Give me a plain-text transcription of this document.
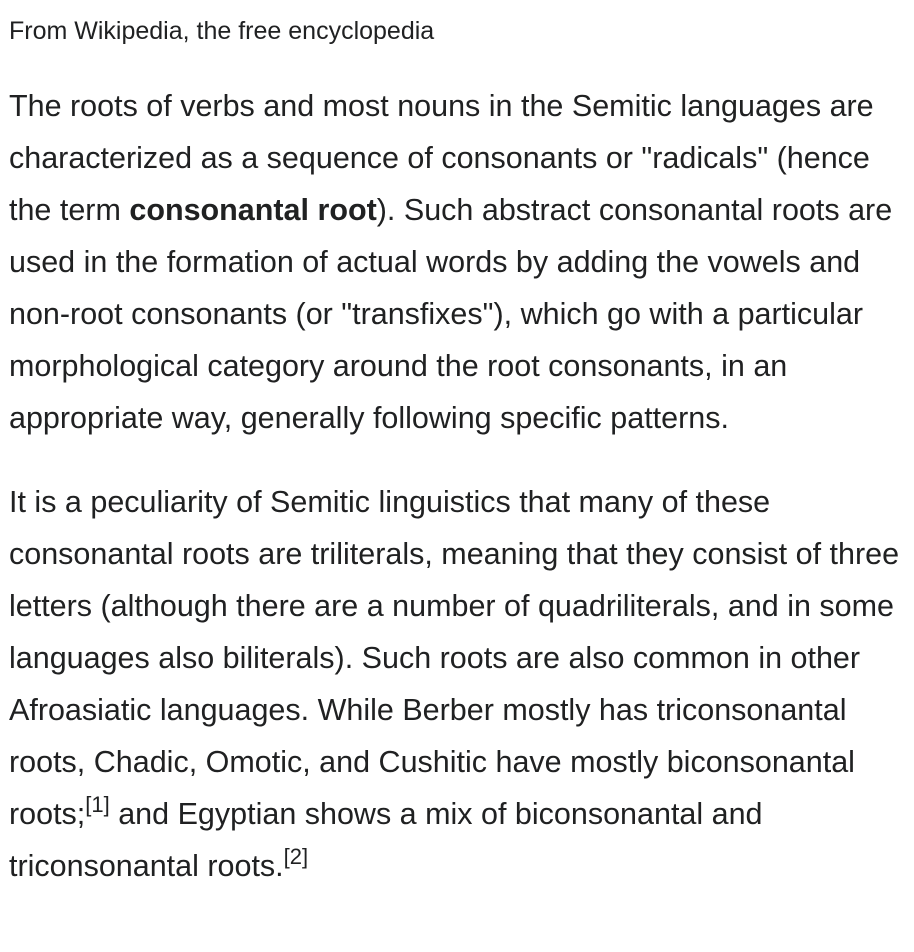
From Wikipedia, the free encyclopedia

The roots of verbs and most nouns in the Semitic languages are characterized as a sequence of consonants or "radicals" (hence the term consonantal root). Such abstract consonantal roots are used in the formation of actual words by adding the vowels and non-root consonants (or "transfixes"), which go with a particular morphological category around the root consonants, in an appropriate way, generally following specific patterns.

It is a peculiarity of Semitic linguistics that many of these consonantal roots are triliterals, meaning that they consist of three letters (although there are a number of quadriliterals, and in some languages also biliterals). Such roots are also common in other Afroasiatic languages. While Berber mostly has triconsonantal roots, Chadic, Omotic, and Cushitic have mostly biconsonantal roots;[1] and Egyptian shows a mix of biconsonantal and triconsonantal roots.[2]
